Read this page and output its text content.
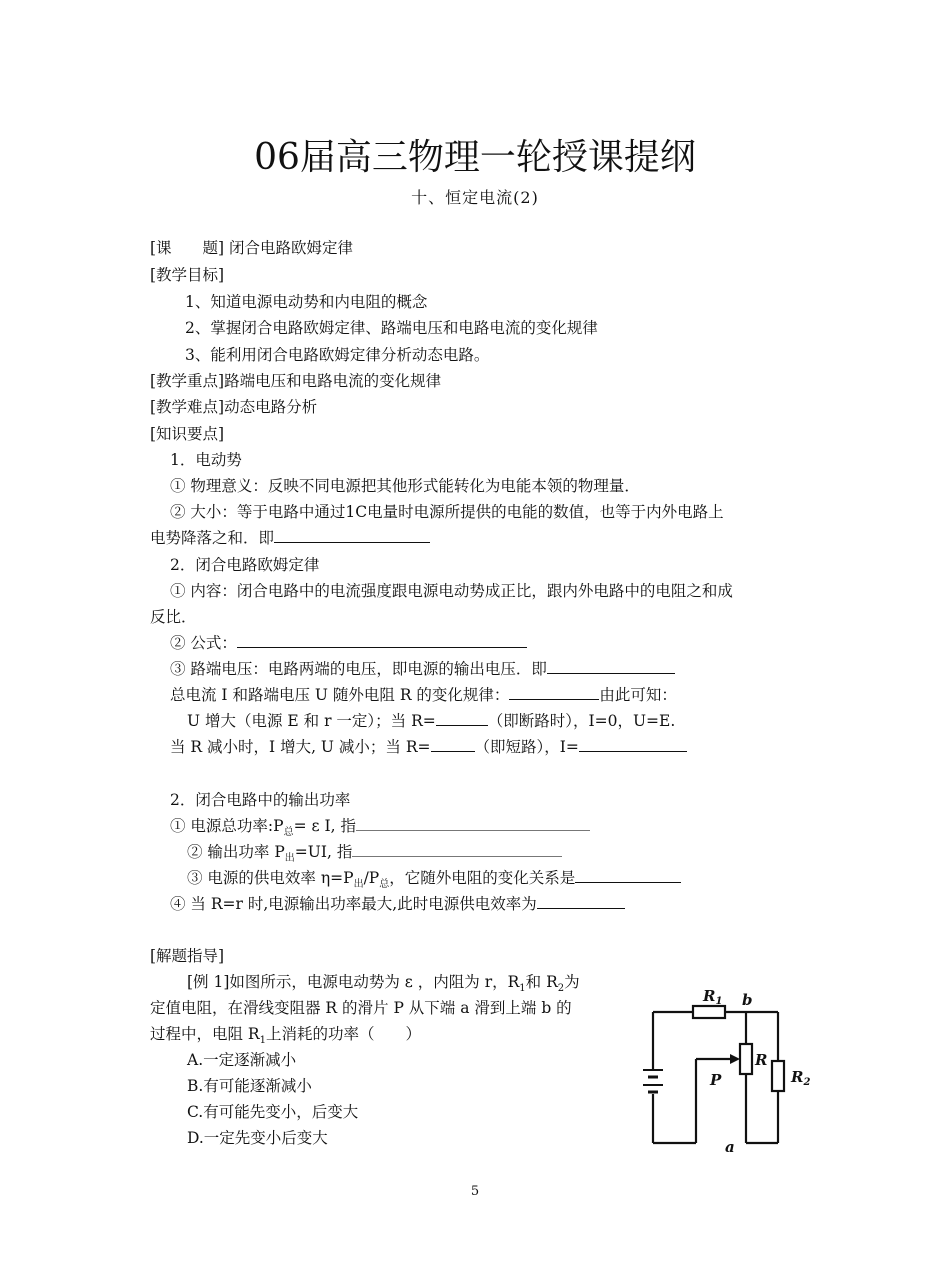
06届高三物理一轮授课提纲
十、恒定电流(2)
[课　　题] 闭合电路欧姆定律
[教学目标]
1、知道电源电动势和内电阻的概念
2、掌握闭合电路欧姆定律、路端电压和电路电流的变化规律
3、能利用闭合电路欧姆定律分析动态电路。
[教学重点]路端电压和电路电流的变化规律
[教学难点]动态电路分析
[知识要点]
1．电动势
① 物理意义：反映不同电源把其他形式能转化为电能本领的物理量．
② 大小：等于电路中通过1C电量时电源所提供的电能的数值，也等于内外电路上
电势降落之和．即
2．闭合电路欧姆定律
① 内容：闭合电路中的电流强度跟电源电动势成正比，跟内外电路中的电阻之和成
反比．
② 公式：
③ 路端电压：电路两端的电压，即电源的输出电压．即
总电流 I 和路端电压 U 随外电阻 R 的变化规律：	由此可知：
U 增大（电源 E 和 r 一定）；当 R=	（即断路时），I=0，U=E.
当 R 减小时，I 增大, U 减小；当 R=	（即短路），I=
2．闭合电路中的输出功率
① 电源总功率$:P_总= \varepsilon$ I, 指
② 输出功率 $P_出=UI$, 指
③ 电源的供电效率 $\eta=P_出/P_总$，它随外电阻的变化关系是
④ 当 R=r 时,电源输出功率最大,此时电源供电效率为
[解题指导]
[例 1]如图所示，电源电动势为 ε ，内阻为 r，$R_1$和 $R_2$为
定值电阻，在滑线变阻器 R 的滑片 P 从下端 a 滑到上端 b 的
过程中，电阻 $R_1$上消耗的功率（　　）
A.一定逐渐减小
B.有可能逐渐减小
C.有可能先变小，后变大
D.一定先变小后变大
$R_1$ b
R
P	$R_2$
a
5
